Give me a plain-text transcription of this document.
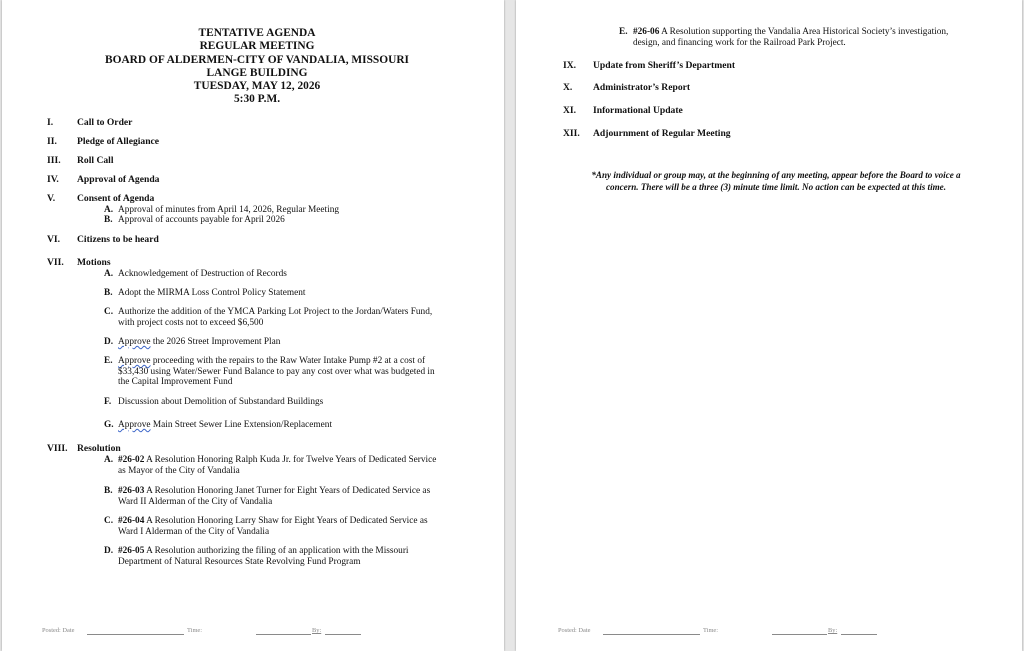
TENTATIVE AGENDA
REGULAR MEETING
BOARD OF ALDERMEN-CITY OF VANDALIA, MISSOURI
LANGE BUILDING
TUESDAY, MAY 12, 2026
5:30 P.M.
I. Call to Order
II. Pledge of Allegiance
III. Roll Call
IV. Approval of Agenda
V. Consent of Agenda
A. Approval of minutes from April 14, 2026, Regular Meeting
B. Approval of accounts payable for April 2026
VI. Citizens to be heard
VII. Motions
A. Acknowledgement of Destruction of Records
B. Adopt the MIRMA Loss Control Policy Statement
C. Authorize the addition of the YMCA Parking Lot Project to the Jordan/Waters Fund,
with project costs not to exceed $6,500
D. Approve the 2026 Street Improvement Plan
E. Approve proceeding with the repairs to the Raw Water Intake Pump #2 at a cost of
$33,430 using Water/Sewer Fund Balance to pay any cost over what was budgeted in
the Capital Improvement Fund
F. Discussion about Demolition of Substandard Buildings
G. Approve Main Street Sewer Line Extension/Replacement
VIII. Resolution
A. #26-02 A Resolution Honoring Ralph Kuda Jr. for Twelve Years of Dedicated Service
as Mayor of the City of Vandalia
B. #26-03 A Resolution Honoring Janet Turner for Eight Years of Dedicated Service as
Ward II Alderman of the City of Vandalia
C. #26-04 A Resolution Honoring Larry Shaw for Eight Years of Dedicated Service as
Ward I Alderman of the City of Vandalia
D. #26-05 A Resolution authorizing the filing of an application with the Missouri
Department of Natural Resources State Revolving Fund Program
Posted: Date	Time:	By:
E. #26-06 A Resolution supporting the Vandalia Area Historical Society’s investigation,
design, and financing work for the Railroad Park Project.
IX. Update from Sheriff’s Department
X. Administrator’s Report
XI. Informational Update
XII. Adjournment of Regular Meeting
*Any individual or group may, at the beginning of any meeting, appear before the Board to voice a
concern. There will be a three (3) minute time limit. No action can be expected at this time.
Posted: Date	Time:	By:
